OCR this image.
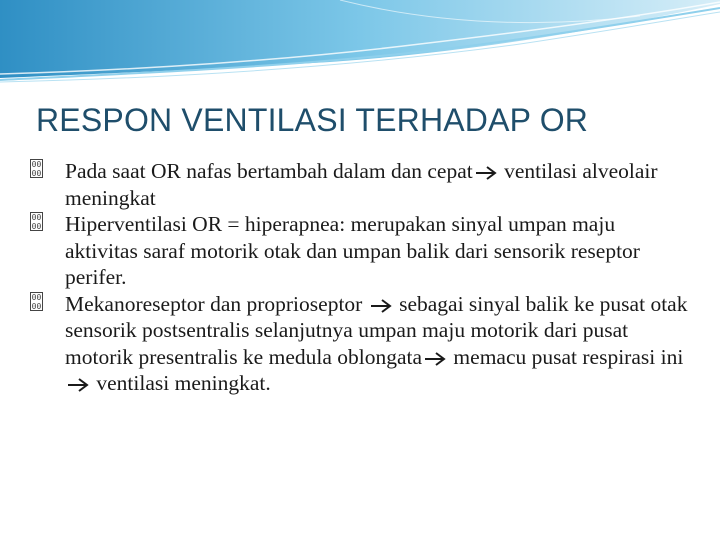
RESPON VENTILASI TERHADAP OR

00
00 Pada saat OR nafas bertambah dalam dan cepat ventilasi alveolair meningkat

00
00 Hiperventilasi OR = hiperapnea: merupakan sinyal umpan maju aktivitas saraf motorik otak dan umpan balik dari sensorik reseptor perifer.

00
00 Mekanoreseptor dan proprioseptor  sebagai sinyal balik ke pusat otak sensorik postsentralis selanjutnya umpan maju motorik dari pusat motorik presentralis ke medula oblongata memacu pusat respirasi ini  ventilasi meningkat.
